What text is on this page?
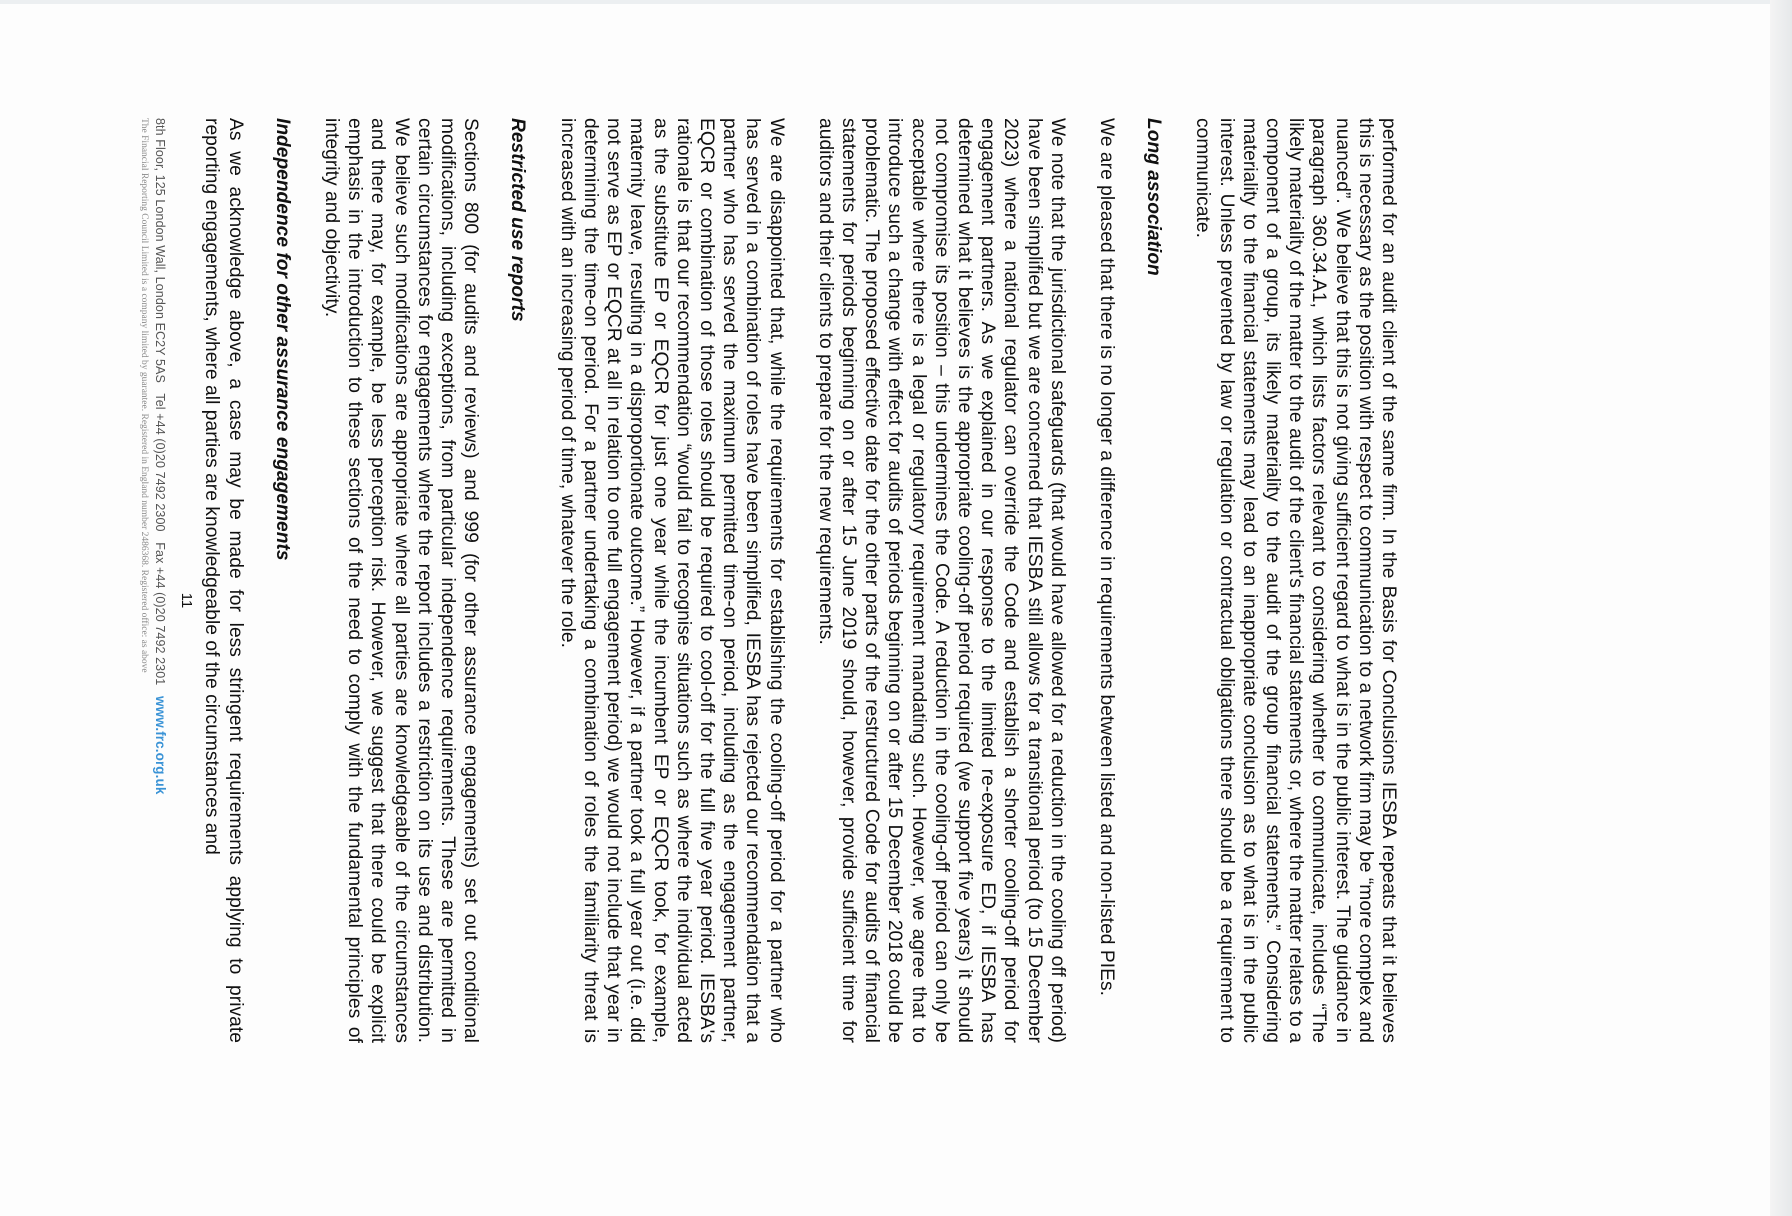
performed for an audit client of the same firm. In the Basis for Conclusions IESBA repeats that it believes this is necessary as the position with respect to communication to a network firm may be “more complex and nuanced”. We believe that this is not giving sufficient regard to what is in the public interest. The guidance in paragraph 360.34.A1, which lists factors relevant to considering whether to communicate, includes “The likely materiality of the matter to the audit of the client's financial statements or, where the matter relates to a component of a group, its likely materiality to the audit of the group financial statements.” Considering materiality to the financial statements may lead to an inappropriate conclusion as to what is in the public interest. Unless prevented by law or regulation or contractual obligations there should be a requirement to communicate.

Long association

We are pleased that there is no longer a difference in requirements between listed and non-listed PIEs.

We note that the jurisdictional safeguards (that would have allowed for a reduction in the cooling off period) have been simplified but we are concerned that IESBA still allows for a transitional period (to 15 December 2023) where a national regulator can override the Code and establish a shorter cooling-off period for engagement partners. As we explained in our response to the limited re-exposure ED, if IESBA has determined what it believes is the appropriate cooling-off period required (we support five years) it should not compromise its position – this undermines the Code. A reduction in the cooling-off period can only be acceptable where there is a legal or regulatory requirement mandating such. However, we agree that to introduce such a change with effect for audits of periods beginning on or after 15 December 2018 could be problematic. The proposed effective date for the other parts of the restructured Code for audits of financial statements for periods beginning on or after 15 June 2019 should, however, provide sufficient time for auditors and their clients to prepare for the new requirements.

We are disappointed that, while the requirements for establishing the cooling-off period for a partner who has served in a combination of roles have been simplified, IESBA has rejected our recommendation that a partner who has served the maximum permitted time-on period, including as the engagement partner, EQCR or combination of those roles should be required to cool-off for the full five year period. IESBA's rationale is that our recommendation “would fail to recognise situations such as where the individual acted as the substitute EP or EQCR for just one year while the incumbent EP or EQCR took, for example, maternity leave, resulting in a disproportionate outcome.” However, if a partner took a full year out (i.e. did not serve as EP or EQCR at all in relation to one full engagement period) we would not include that year in determining the time-on period. For a partner undertaking a combination of roles the familiarity threat is increased with an increasing period of time, whatever the role.

Restricted use reports

Sections 800 (for audits and reviews) and 999 (for other assurance engagements) set out conditional modifications, including exceptions, from particular independence requirements. These are permitted in certain circumstances for engagements where the report includes a restriction on its use and distribution. We believe such modifications are appropriate where all parties are knowledgeable of the circumstances and there may, for example, be less perception risk. However, we suggest that there could be explicit emphasis in the introduction to these sections of the need to comply with the fundamental principles of integrity and objectivity.

Independence for other assurance engagements

As we acknowledge above, a case may be made for less stringent requirements applying to private reporting engagements, where all parties are knowledgeable of the circumstances and

11
8th Floor, 125 London Wall, London EC2Y 5AS   Tel +44 (0)20 7492 2300   Fax +44 (0)20 7492 2301   www.frc.org.uk
The Financial Reporting Council Limited is a company limited by guarantee. Registered in England number 2486368. Registered office: as above
